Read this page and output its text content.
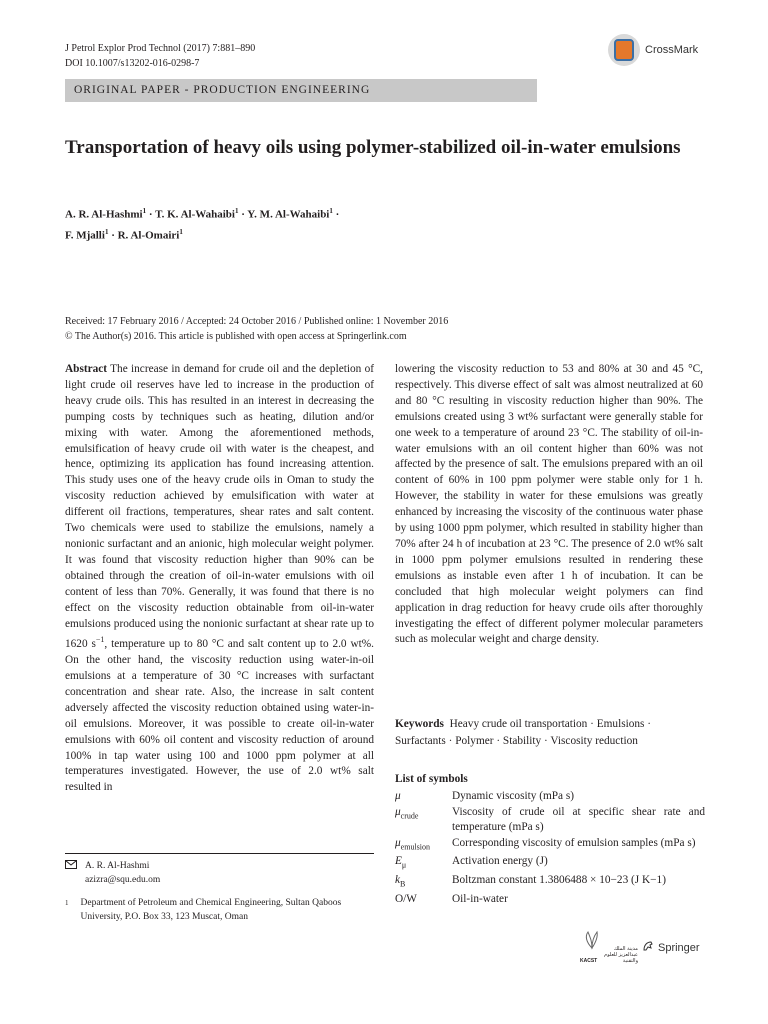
J Petrol Explor Prod Technol (2017) 7:881–890
DOI 10.1007/s13202-016-0298-7
CrossMark
ORIGINAL PAPER - PRODUCTION ENGINEERING
Transportation of heavy oils using polymer-stabilized oil-in-water emulsions
A. R. Al-Hashmi$^1$ · T. K. Al-Wahaibi$^1$ · Y. M. Al-Wahaibi$^1$ ·
F. Mjalli$^1$ · R. Al-Omairi$^1$
Received: 17 February 2016 / Accepted: 24 October 2016 / Published online: 1 November 2016
© The Author(s) 2016. This article is published with open access at Springerlink.com
Abstract The increase in demand for crude oil and the depletion of light crude oil reserves have led to increase in the production of heavy crude oils. This has resulted in an interest in decreasing the pumping costs by techniques such as heating, dilution and/or mixing with water. Among the aforementioned methods, emulsification of heavy crude oil with water is the cheapest, and hence, optimizing its application has found increasing attention. This study uses one of the heavy crude oils in Oman to study the viscosity reduction achieved by emulsification with water at different oil fractions, temperatures, shear rates and salt content. Two chemicals were used to stabilize the emulsions, namely a nonionic surfactant and an anionic, high molecular weight polymer. It was found that viscosity reduction higher than 90% can be obtained through the creation of oil-in-water emulsions with oil content of less than 70%. Generally, it was found that there is no effect on the viscosity reduction obtainable from oil-in-water emulsions produced using the nonionic surfactant at shear rate up to 1620 $s^{-1}$, temperature up to 80 °C and salt content up to 2.0 wt%. On the other hand, the viscosity reduction using water-in-oil emulsions at a temperature of 30 °C increases with surfactant concentration and shear rate. Also, the increase in salt content adversely affected the viscosity reduction obtained using water-in-oil emulsions. Moreover, it was possible to create oil-in-water emulsions with 60% oil content and viscosity reduction of around 100% in tap water using 100 and 1000 ppm polymer at all temperatures investigated. However, the use of 2.0 wt% salt resulted in
lowering the viscosity reduction to 53 and 80% at 30 and 45 °C, respectively. This diverse effect of salt was almost neutralized at 60 and 80 °C resulting in viscosity reduction higher than 90%. The emulsions created using 3 wt% surfactant were generally stable for one week to a temperature of around 23 °C. The stability of oil-in-water emulsions with an oil content higher than 60% was not affected by the presence of salt. The emulsions prepared with an oil content of 60% in 100 ppm polymer were stable only for 1 h. However, the stability in water for these emulsions was greatly enhanced by increasing the viscosity of the continuous water phase by using 1000 ppm polymer, which resulted in stability higher than 70% after 24 h of incubation at 23 °C. The presence of 2.0 wt% salt in 1000 ppm polymer emulsions resulted in rendering these emulsions as instable even after 1 h of incubation. It can be concluded that high molecular weight polymers can find application in drag reduction for heavy crude oils after thoroughly investigating the effect of different polymer molecular parameters such as molecular weight and charge density.
Keywords Heavy crude oil transportation · Emulsions · Surfactants · Polymer · Stability · Viscosity reduction
List of symbols
μ	Dynamic viscosity (mPa s)
$\mu_{crude}$	Viscosity of crude oil at specific shear rate and temperature (mPa s)
$\mu_{emulsion}$	Corresponding viscosity of emulsion samples (mPa s)
$E_\mu$	Activation energy (J)
$k_B$	Boltzman constant 1.3806488 × 10−23 (J K−1)
O/W	Oil-in-water
A. R. Al-Hashmi
azizra@squ.edu.om
1 Department of Petroleum and Chemical Engineering, Sultan Qaboos University, P.O. Box 33, 123 Muscat, Oman
مدينة الملك عبدالعزيز للعلوم والتقنية
KACST
Springer
